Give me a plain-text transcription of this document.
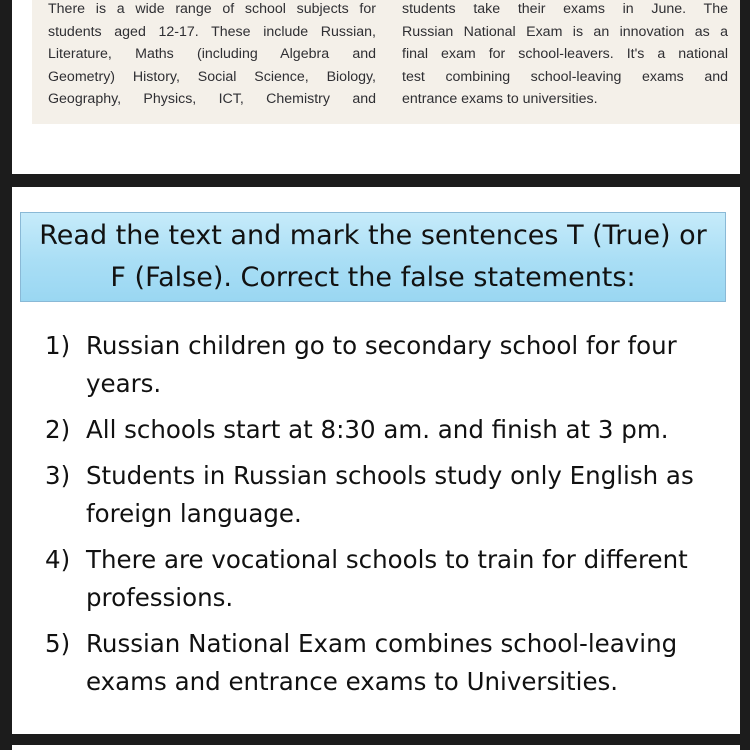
There is a wide range of school subjects for
students aged 12-17. These include Russian,
Literature, Maths (including Algebra and
Geometry) History, Social Science, Biology,
Geography, Physics, ICT, Chemistry and
students take their exams in June. The
Russian National Exam is an innovation as a
final exam for school-leavers. It's a national
test combining school-leaving exams and
entrance exams to universities.
Read the text and mark the sentences T (True) or F (False). Correct the false statements:
1) Russian children go to secondary school for four years.
2) All schools start at 8:30 am. and finish at 3 pm.
3) Students in Russian schools study only English as foreign language.
4) There are vocational schools to train for different professions.
5) Russian National Exam combines school-leaving exams and entrance exams to Universities.
